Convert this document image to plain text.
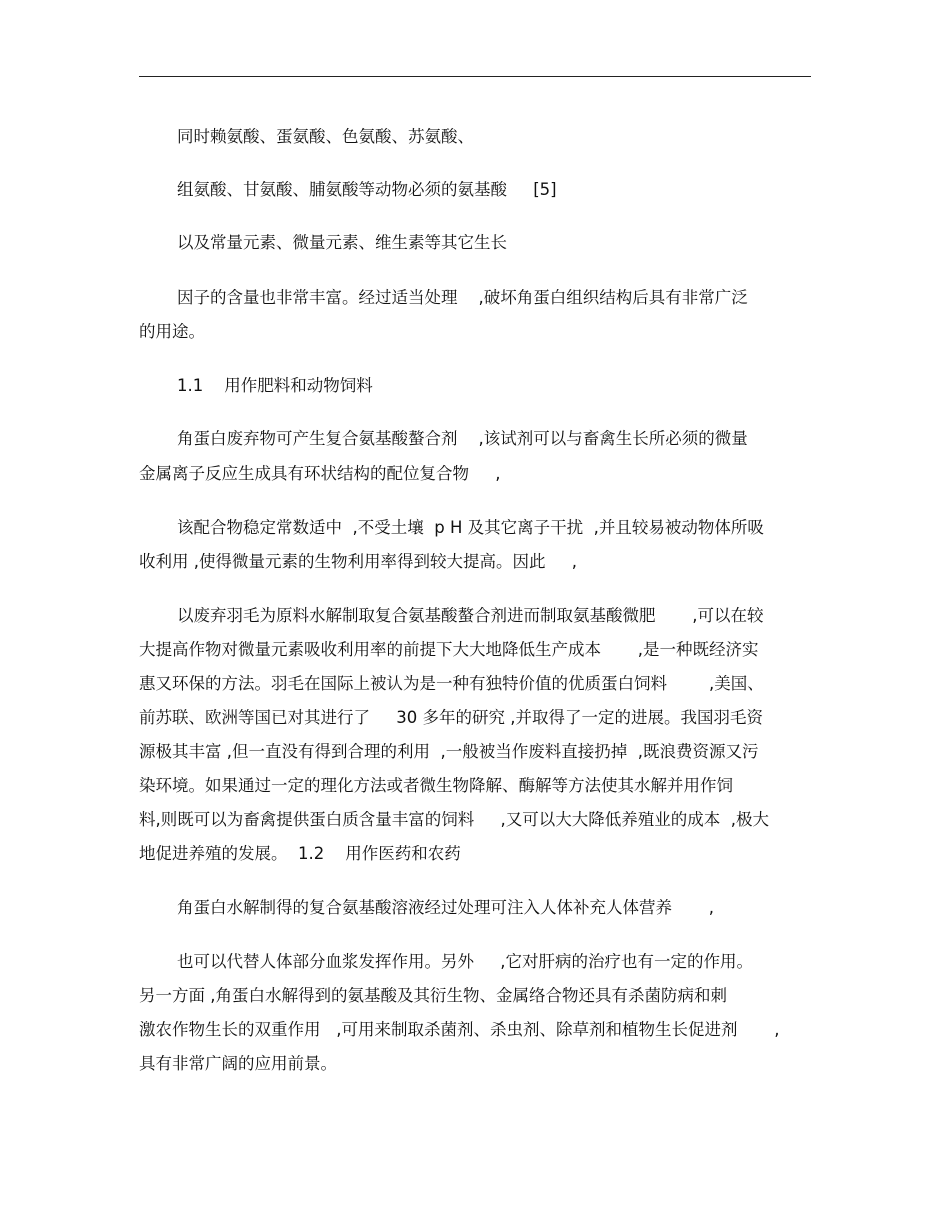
同时赖氨酸、蛋氨酸、色氨酸、苏氨酸、
组氨酸、甘氨酸、脯氨酸等动物必须的氨基酸     [5]
以及常量元素、微量元素、维生素等其它生长
因子的含量也非常丰富。经过适当处理    ,破坏角蛋白组织结构后具有非常广泛
的用途。
1.1    用作肥料和动物饲料
角蛋白废弃物可产生复合氨基酸螯合剂    ,该试剂可以与畜禽生长所必须的微量
金属离子反应生成具有环状结构的配位复合物     ,
该配合物稳定常数适中  ,不受土壤  p H 及其它离子干扰  ,并且较易被动物体所吸
收利用 ,使得微量元素的生物利用率得到较大提高。因此     ,
以废弃羽毛为原料水解制取复合氨基酸螯合剂进而制取氨基酸微肥       ,可以在较
大提高作物对微量元素吸收利用率的前提下大大地降低生产成本       ,是一种既经济实
惠又环保的方法。羽毛在国际上被认为是一种有独特价值的优质蛋白饲料        ,美国、
前苏联、欧洲等国已对其进行了     30 多年的研究 ,并取得了一定的进展。我国羽毛资
源极其丰富 ,但一直没有得到合理的利用  ,一般被当作废料直接扔掉  ,既浪费资源又污
染环境。如果通过一定的理化方法或者微生物降解、酶解等方法使其水解并用作饲
料,则既可以为畜禽提供蛋白质含量丰富的饲料     ,又可以大大降低养殖业的成本  ,极大
地促进养殖的发展。  1.2    用作医药和农药
角蛋白水解制得的复合氨基酸溶液经过处理可注入人体补充人体营养       ,
也可以代替人体部分血浆发挥作用。另外     ,它对肝病的治疗也有一定的作用。
另一方面 ,角蛋白水解得到的氨基酸及其衍生物、金属络合物还具有杀菌防病和刺
激农作物生长的双重作用   ,可用来制取杀菌剂、杀虫剂、除草剂和植物生长促进剂       ,
具有非常广阔的应用前景。
